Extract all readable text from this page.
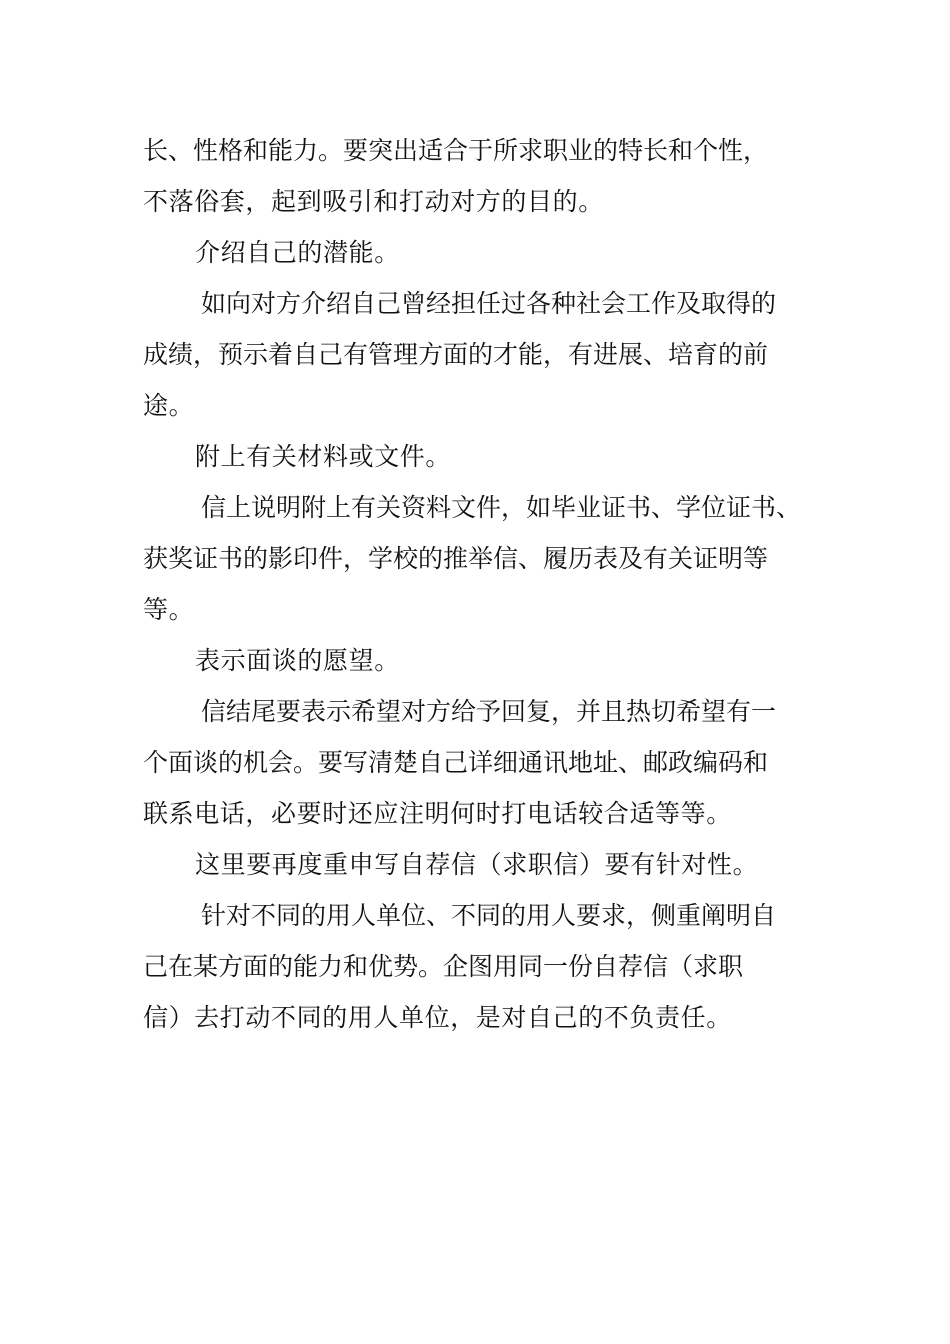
长、性格和能力。要突出适合于所求职业的特长和个性，
不落俗套，起到吸引和打动对方的目的。
介绍自己的潜能。
如向对方介绍自己曾经担任过各种社会工作及取得的
成绩，预示着自己有管理方面的才能，有进展、培育的前
途。
附上有关材料或文件。
信上说明附上有关资料文件，如毕业证书、学位证书、
获奖证书的影印件，学校的推举信、履历表及有关证明等
等。
表示面谈的愿望。
信结尾要表示希望对方给予回复，并且热切希望有一
个面谈的机会。要写清楚自己详细通讯地址、邮政编码和
联系电话，必要时还应注明何时打电话较合适等等。
这里要再度重申写自荐信（求职信）要有针对性。
针对不同的用人单位、不同的用人要求，侧重阐明自
己在某方面的能力和优势。企图用同一份自荐信（求职
信）去打动不同的用人单位，是对自己的不负责任。
